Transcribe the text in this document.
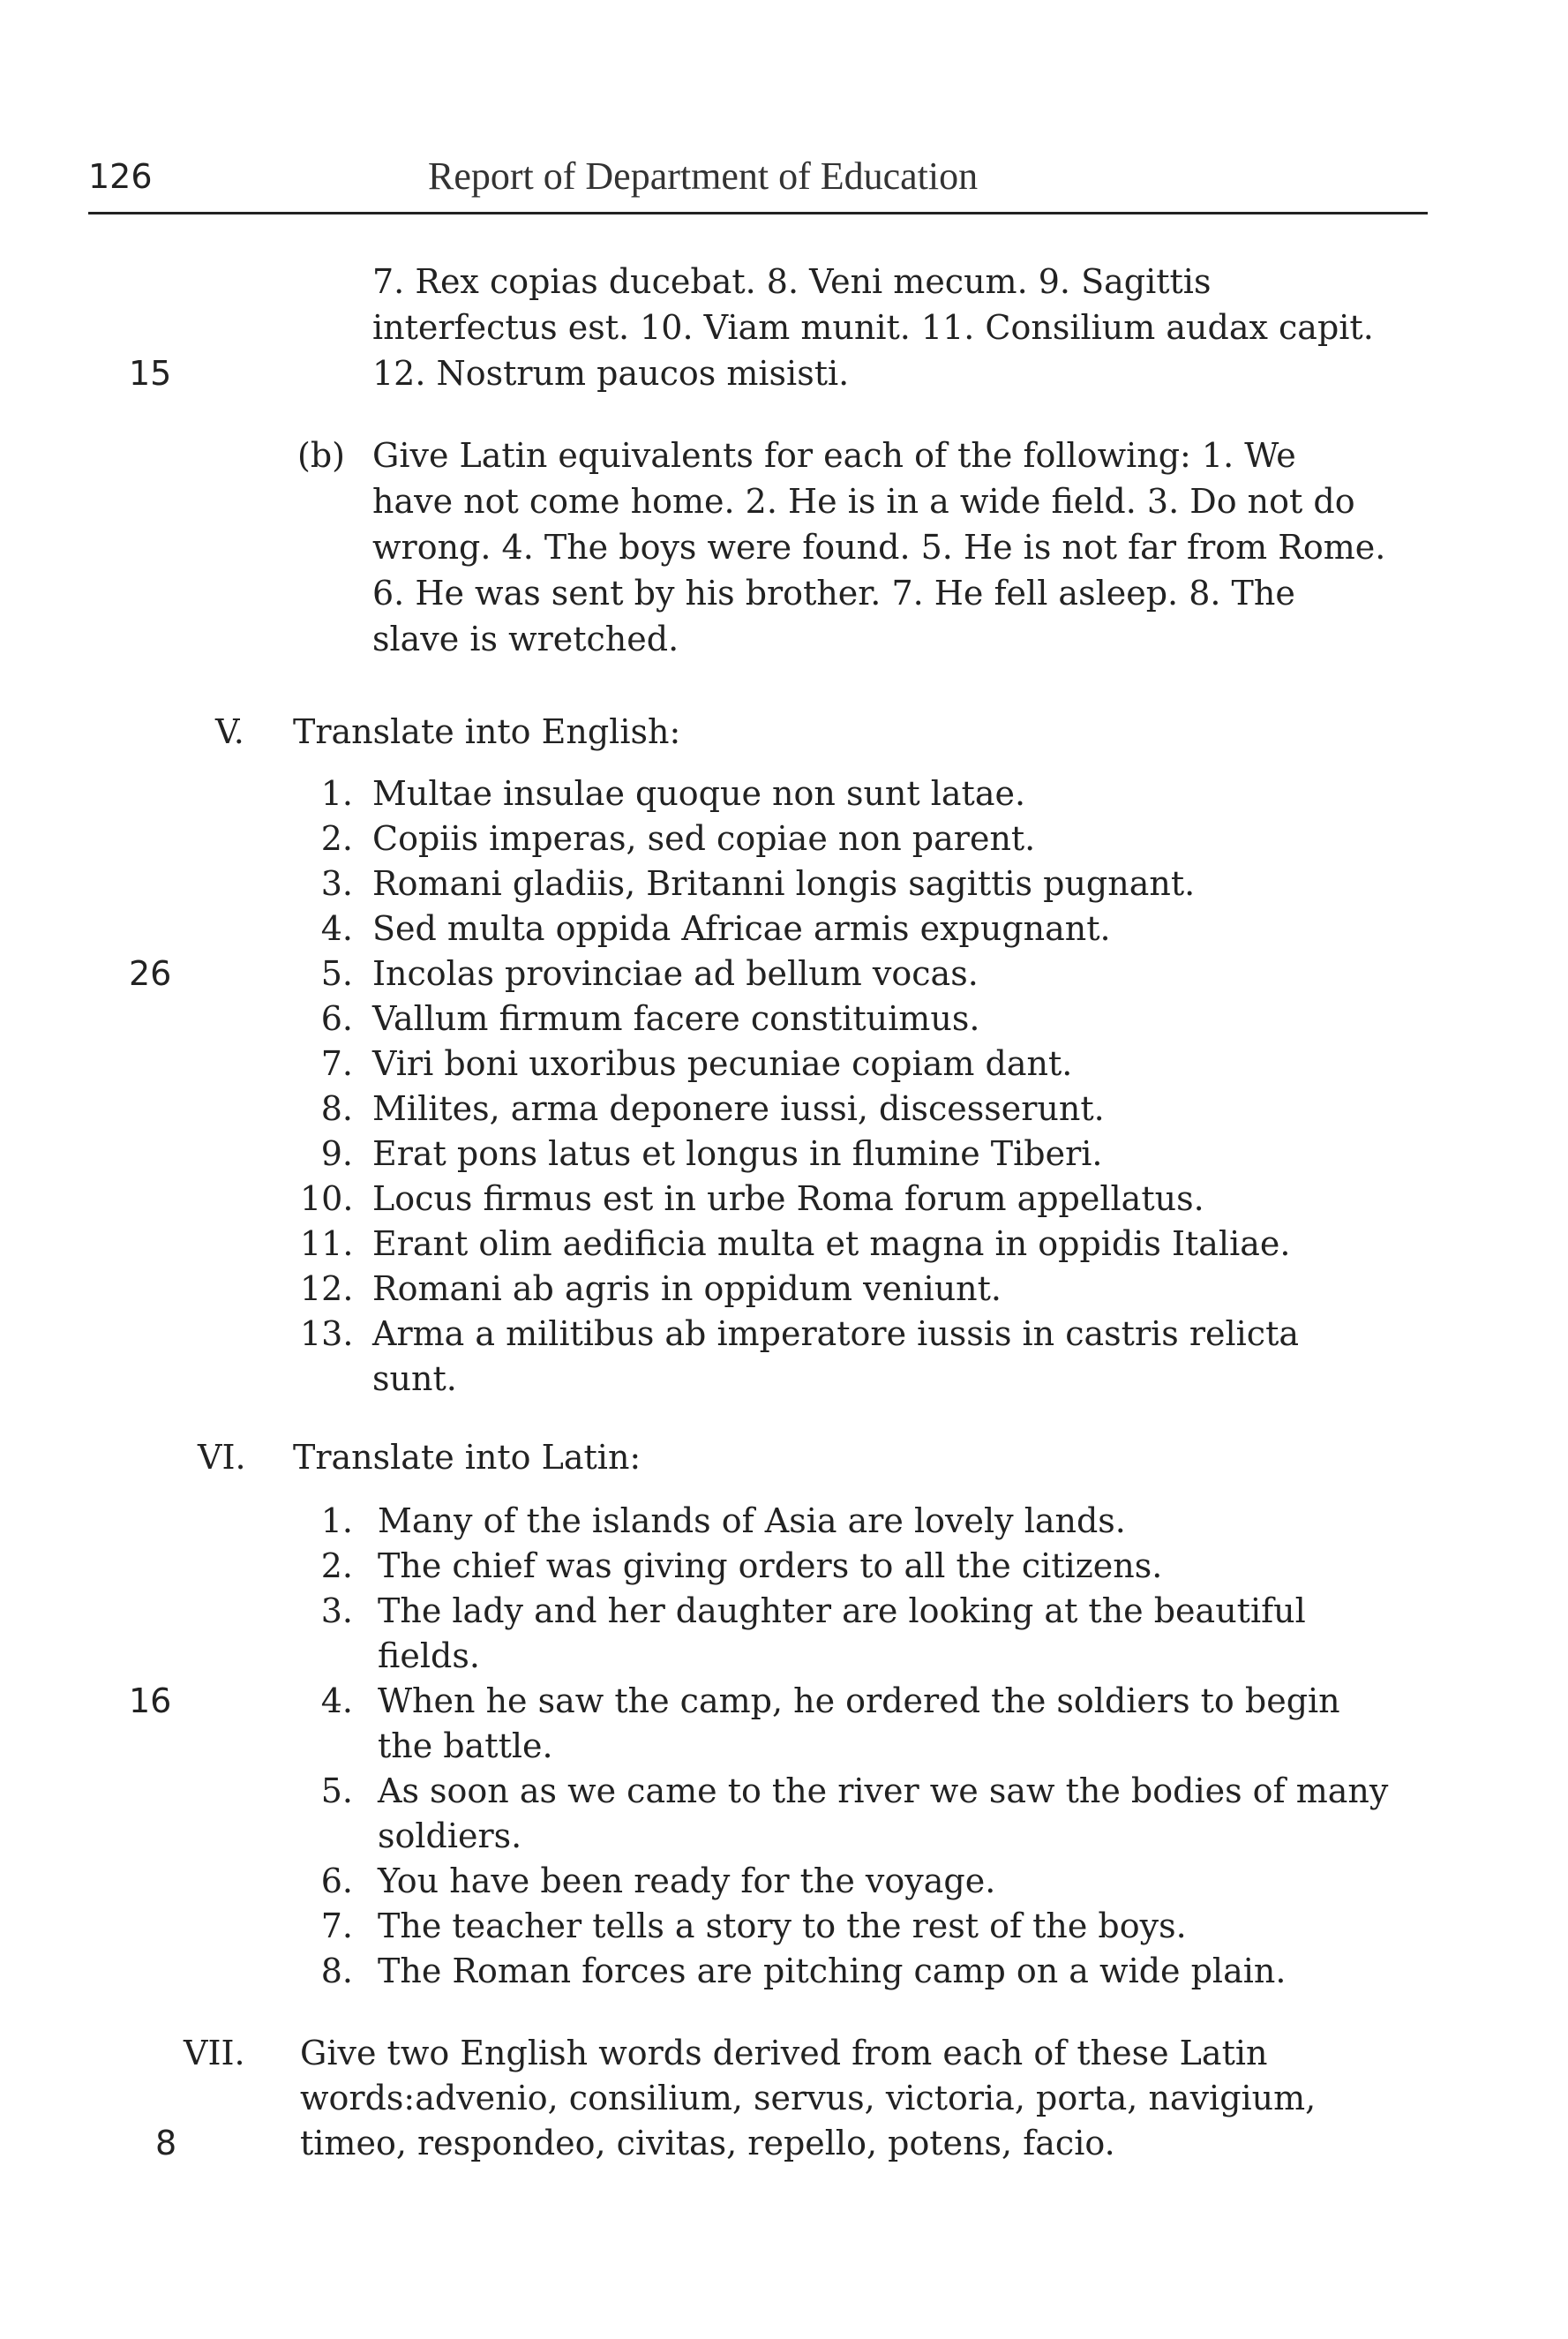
126	Report of Department of Education
7. Rex copias ducebat. 8. Veni mecum. 9. Sagittis
interfectus est. 10. Viam munit. 11. Consilium audax capit.
12. Nostrum paucos misisti.
15
(b) Give Latin equivalents for each of the following: 1. We
have not come home. 2. He is in a wide field. 3. Do not do
wrong. 4. The boys were found. 5. He is not far from Rome.
6. He was sent by his brother. 7. He fell asleep. 8. The
slave is wretched.
V. Translate into English:
1. Multae insulae quoque non sunt latae.
2. Copiis imperas, sed copiae non parent.
3. Romani gladiis, Britanni longis sagittis pugnant.
4. Sed multa oppida Africae armis expugnant.
5. Incolas provinciae ad bellum vocas.
26
6. Vallum firmum facere constituimus.
7. Viri boni uxoribus pecuniae copiam dant.
8. Milites, arma deponere iussi, discesserunt.
9. Erat pons latus et longus in flumine Tiberi.
10. Locus firmus est in urbe Roma forum appellatus.
11. Erant olim aedificia multa et magna in oppidis Italiae.
12. Romani ab agris in oppidum veniunt.
13. Arma a militibus ab imperatore iussis in castris relicta
sunt.
VI. Translate into Latin:
1. Many of the islands of Asia are lovely lands.
2. The chief was giving orders to all the citizens.
3. The lady and her daughter are looking at the beautiful
fields.
4. When he saw the camp, he ordered the soldiers to begin
16
the battle.
5. As soon as we came to the river we saw the bodies of many
soldiers.
6. You have been ready for the voyage.
7. The teacher tells a story to the rest of the boys.
8. The Roman forces are pitching camp on a wide plain.
VII. Give two English words derived from each of these Latin
words:advenio, consilium, servus, victoria, porta, navigium,
timeo, respondeo, civitas, repello, potens, facio.
8
